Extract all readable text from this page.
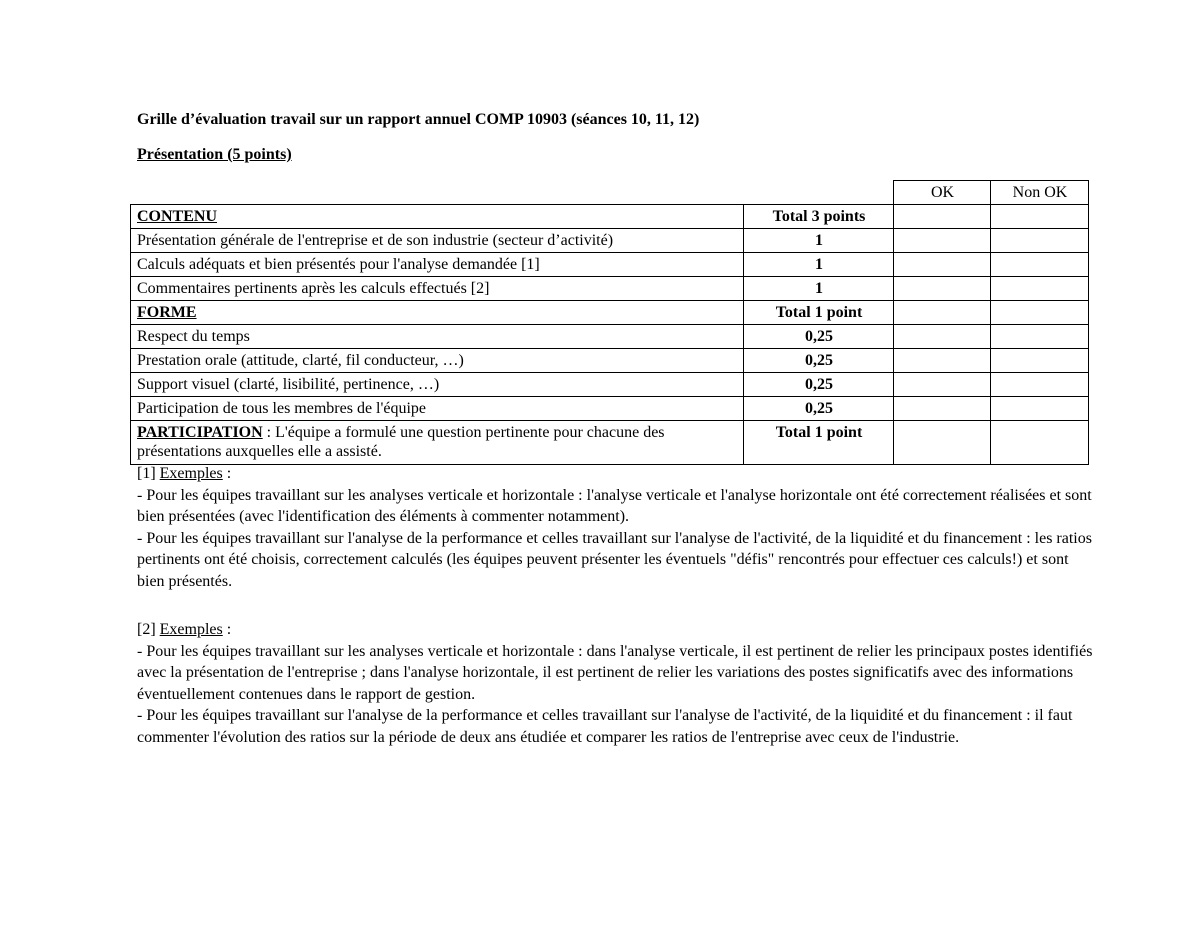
Grille d’évaluation travail sur un rapport annuel COMP 10903 (séances 10, 11, 12)
Présentation (5 points)
		OK	Non OK
CONTENU	Total 3 points		
Présentation générale de l'entreprise et de son industrie (secteur d’activité)	1		
Calculs adéquats et bien présentés pour l'analyse demandée [1]	1		
Commentaires pertinents après les calculs effectués [2]	1		
FORME	Total 1 point		
Respect du temps	0,25		
Prestation orale (attitude, clarté, fil conducteur, …)	0,25		
Support visuel (clarté, lisibilité, pertinence, …)	0,25		
Participation de tous les membres de l'équipe	0,25		
PARTICIPATION : L'équipe a formulé une question pertinente pour chacune des présentations auxquelles elle a assisté.	Total 1 point		

[1] Exemples :

- Pour les équipes travaillant sur les analyses verticale et horizontale : l'analyse verticale et l'analyse horizontale ont été correctement réalisées et sont bien présentées (avec l'identification des éléments à commenter notamment).

- Pour les équipes travaillant sur l'analyse de la performance et celles travaillant sur l'analyse de l'activité, de la liquidité et du financement : les ratios pertinents ont été choisis, correctement calculés (les équipes peuvent présenter les éventuels "défis" rencontrés pour effectuer ces calculs!) et sont bien présentés.

[2] Exemples :

- Pour les équipes travaillant sur les analyses verticale et horizontale : dans l'analyse verticale, il est pertinent de relier les principaux postes identifiés avec la présentation de l'entreprise ; dans l'analyse horizontale, il est pertinent de relier les variations des postes significatifs avec des informations éventuellement contenues dans le rapport de gestion.

- Pour les équipes travaillant sur l'analyse de la performance et celles travaillant sur l'analyse de l'activité, de la liquidité et du financement : il faut commenter l'évolution des ratios sur la période de deux ans étudiée et comparer les ratios de l'entreprise avec ceux de l'industrie.
